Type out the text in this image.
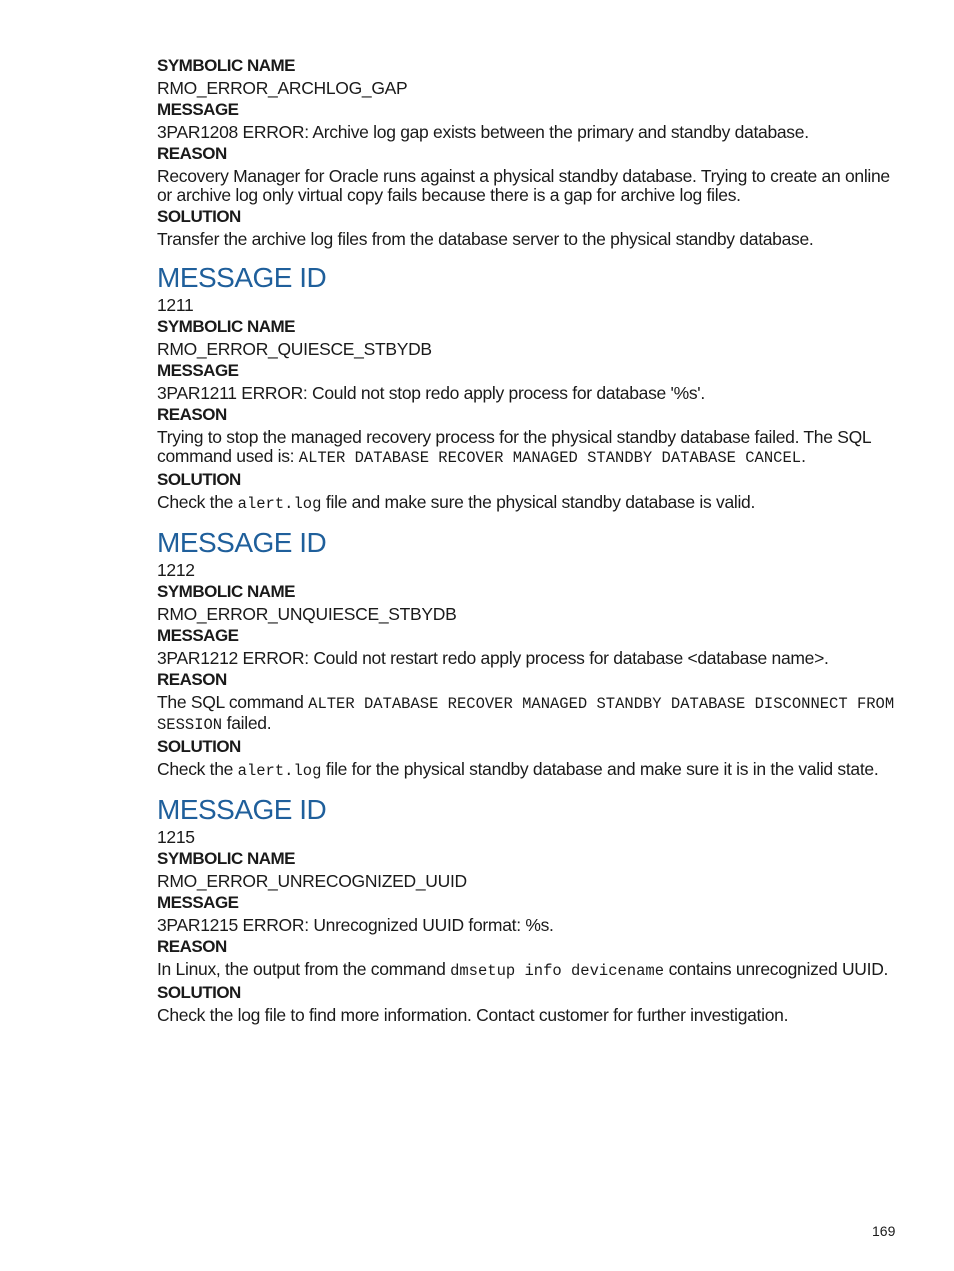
SYMBOLIC NAME
RMO_ERROR_ARCHLOG_GAP
MESSAGE
3PAR1208 ERROR: Archive log gap exists between the primary and standby database.
REASON
Recovery Manager for Oracle runs against a physical standby database. Trying to create an online or archive log only virtual copy fails because there is a gap for archive log files.
SOLUTION
Transfer the archive log files from the database server to the physical standby database.
MESSAGE ID
1211
SYMBOLIC NAME
RMO_ERROR_QUIESCE_STBYDB
MESSAGE
3PAR1211 ERROR: Could not stop redo apply process for database '%s'.
REASON
Trying to stop the managed recovery process for the physical standby database failed. The SQL command used is: ALTER DATABASE RECOVER MANAGED STANDBY DATABASE CANCEL.
SOLUTION
Check the alert.log file and make sure the physical standby database is valid.
MESSAGE ID
1212
SYMBOLIC NAME
RMO_ERROR_UNQUIESCE_STBYDB
MESSAGE
3PAR1212 ERROR: Could not restart redo apply process for database <database name>.
REASON
The SQL command ALTER DATABASE RECOVER MANAGED STANDBY DATABASE DISCONNECT FROM SESSION failed.
SOLUTION
Check the alert.log file for the physical standby database and make sure it is in the valid state.
MESSAGE ID
1215
SYMBOLIC NAME
RMO_ERROR_UNRECOGNIZED_UUID
MESSAGE
3PAR1215 ERROR: Unrecognized UUID format: %s.
REASON
In Linux, the output from the command dmsetup info devicename contains unrecognized UUID.
SOLUTION
Check the log file to find more information. Contact customer for further investigation.
169
